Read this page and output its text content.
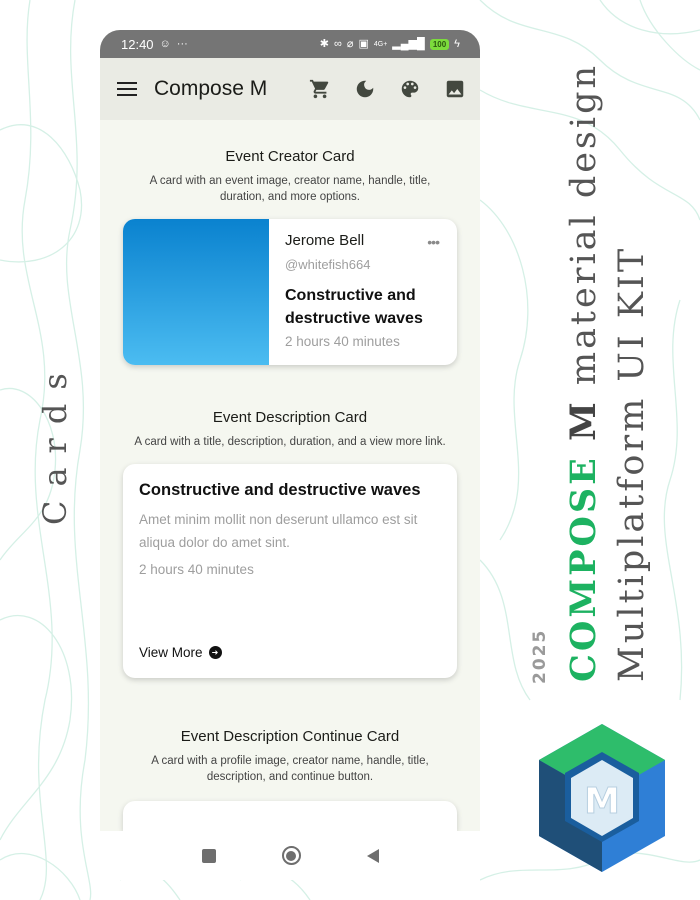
12:40 ☺ ···	✱ ∞ ⌀ ▣ 4G+ ▂▄▆█	100 ϟ
Compose M
Event Creator Card
A card with an event image, creator name, handle, title, duration, and more options.
Jerome Bell	•••
@whitefish664
Constructive and destructive waves
2 hours 40 minutes
Event Description Card
A card with a title, description, duration, and a view more link.
Constructive and destructive waves
Amet minim mollit non deserunt ullamco est sit aliqua dolor do amet sint.
2 hours 40 minutes
View More	➜
Event Description Continue Card
A card with a profile image, creator name, handle, title, description, and continue button.
Cards
2025 COMPOSE M material design
Multiplatform UI KIT
M
